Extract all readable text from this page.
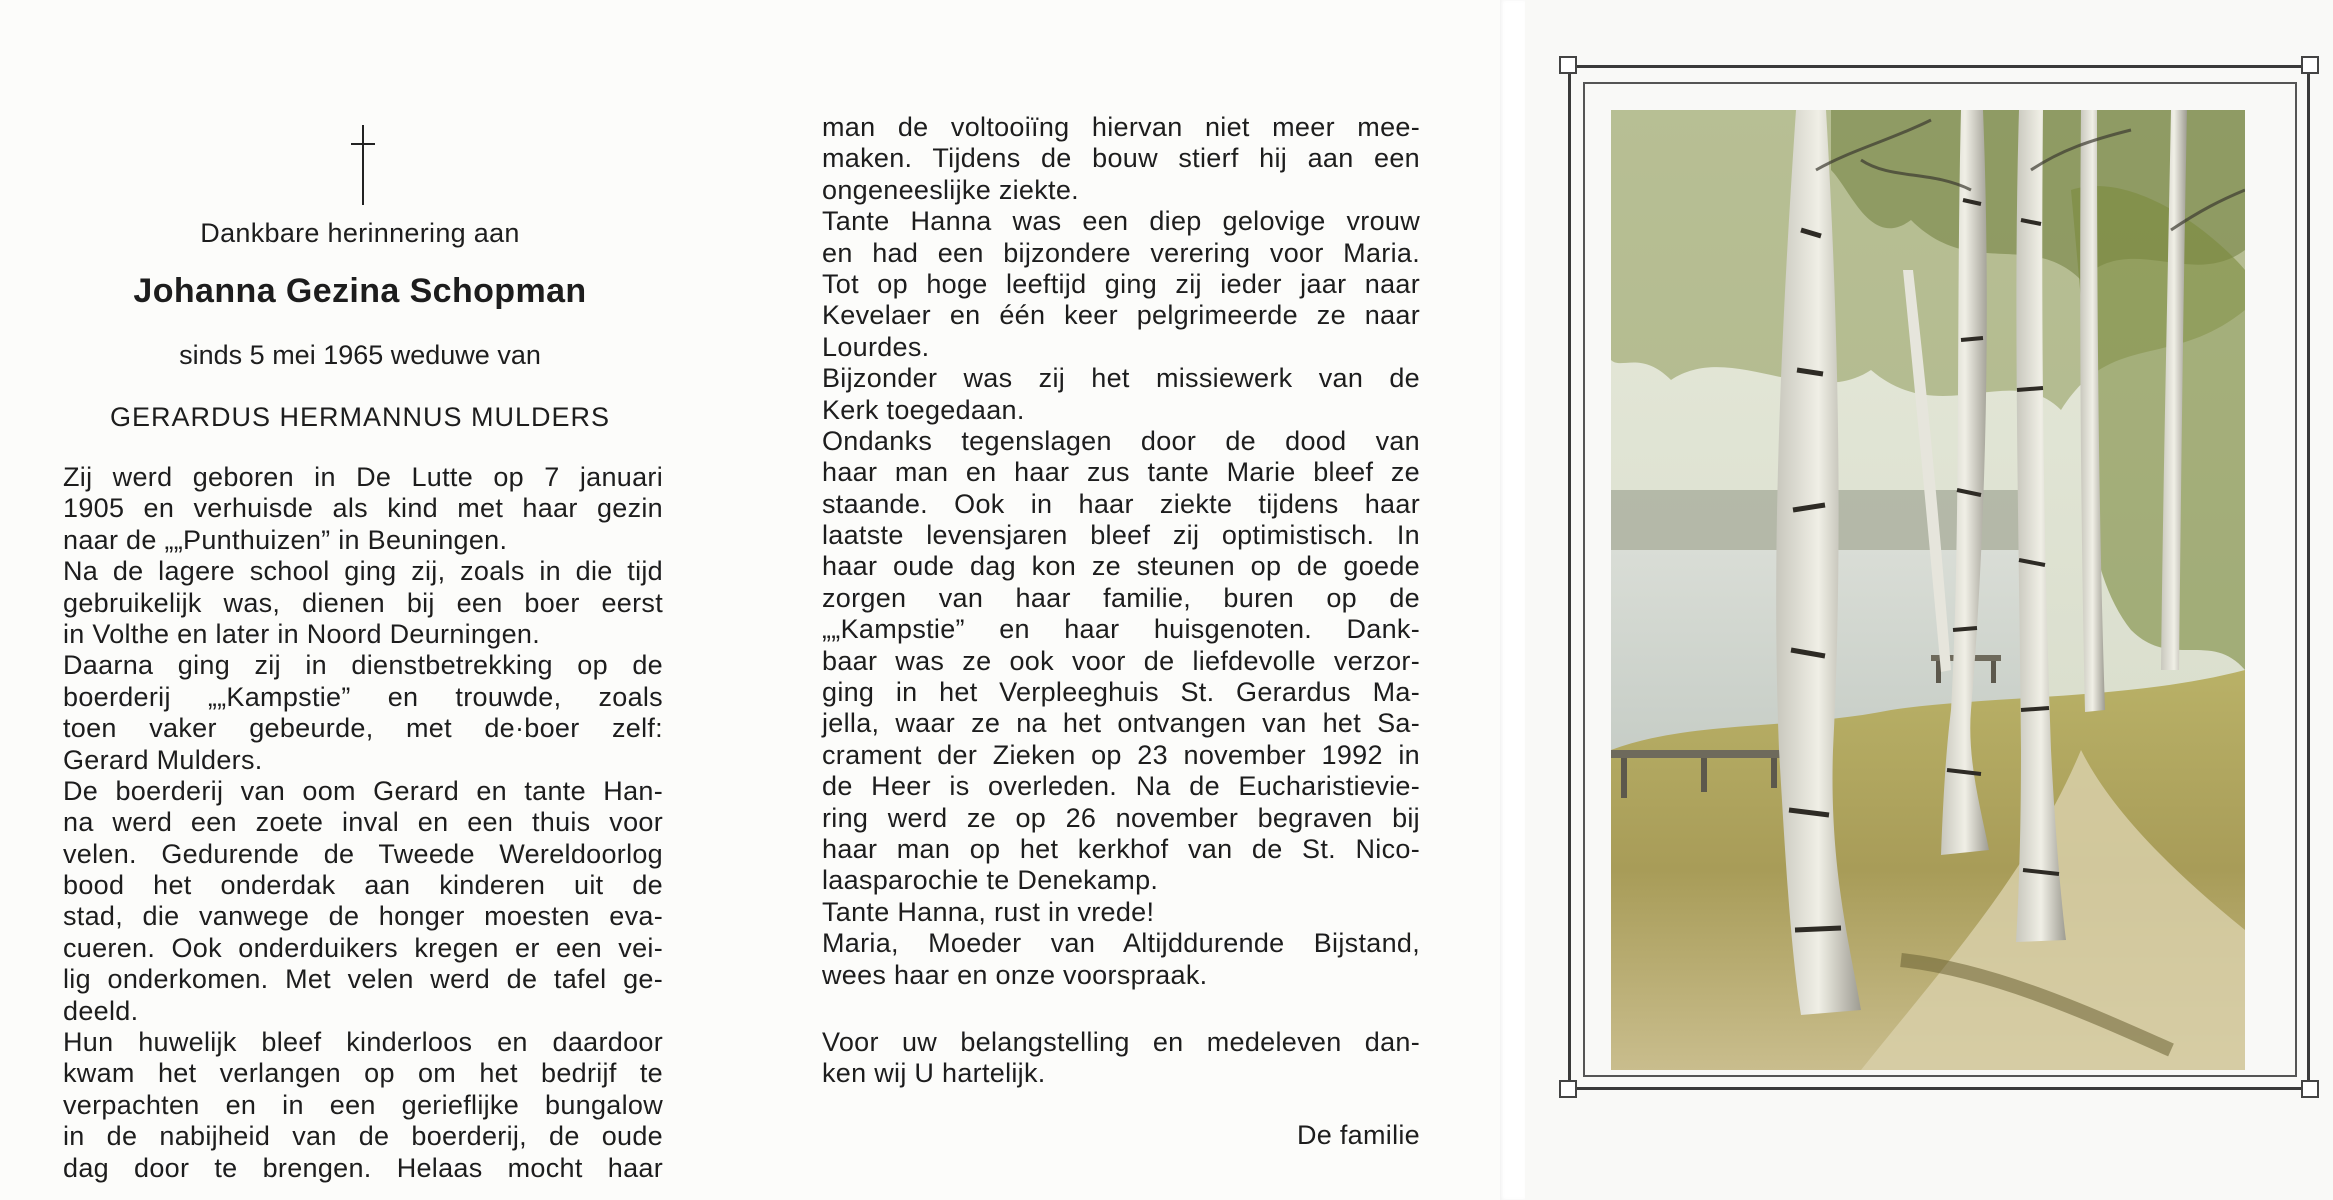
Dankbare herinnering aan
Johanna Gezina Schopman
sinds 5 mei 1965 weduwe van
GERARDUS HERMANNUS MULDERS
Zij werd geboren in De Lutte op 7 januari
1905 en verhuisde als kind met haar gezin
naar de „„Punthuizen” in Beuningen.
Na de lagere school ging zij, zoals in die tijd
gebruikelijk was, dienen bij een boer eerst
in Volthe en later in Noord Deurningen.
Daarna ging zij in dienstbetrekking op de
boerderij „„Kampstie” en trouwde, zoals
toen vaker gebeurde, met de·boer zelf:
Gerard Mulders.
De boerderij van oom Gerard en tante Han-
na werd een zoete inval en een thuis voor
velen. Gedurende de Tweede Wereldoorlog
bood het onderdak aan kinderen uit de
stad, die vanwege de honger moesten eva-
cueren. Ook onderduikers kregen er een vei-
lig onderkomen. Met velen werd de tafel ge-
deeld.
Hun huwelijk bleef kinderloos en daardoor
kwam het verlangen op om het bedrijf te
verpachten en in een gerieflijke bungalow
in de nabijheid van de boerderij, de oude
dag door te brengen. Helaas mocht haar
man de voltooiïng hiervan niet meer mee-
maken. Tijdens de bouw stierf hij aan een
ongeneeslijke ziekte.
Tante Hanna was een diep gelovige vrouw
en had een bijzondere verering voor Maria.
Tot op hoge leeftijd ging zij ieder jaar naar
Kevelaer en één keer pelgrimeerde ze naar
Lourdes.
Bijzonder was zij het missiewerk van de
Kerk toegedaan.
Ondanks tegenslagen door de dood van
haar man en haar zus tante Marie bleef ze
staande. Ook in haar ziekte tijdens haar
laatste levensjaren bleef zij optimistisch. In
haar oude dag kon ze steunen op de goede
zorgen van haar familie, buren op de
„„Kampstie” en haar huisgenoten. Dank-
baar was ze ook voor de liefdevolle verzor-
ging in het Verpleeghuis St. Gerardus Ma-
jella, waar ze na het ontvangen van het Sa-
crament der Zieken op 23 november 1992 in
de Heer is overleden. Na de Eucharistievie-
ring werd ze op 26 november begraven bij
haar man op het kerkhof van de St. Nico-
laasparochie te Denekamp.
Tante Hanna, rust in vrede!
Maria, Moeder van Altijddurende Bijstand,
wees haar en onze voorspraak.
Voor uw belangstelling en medeleven dan-
ken wij U hartelijk.
De familie
